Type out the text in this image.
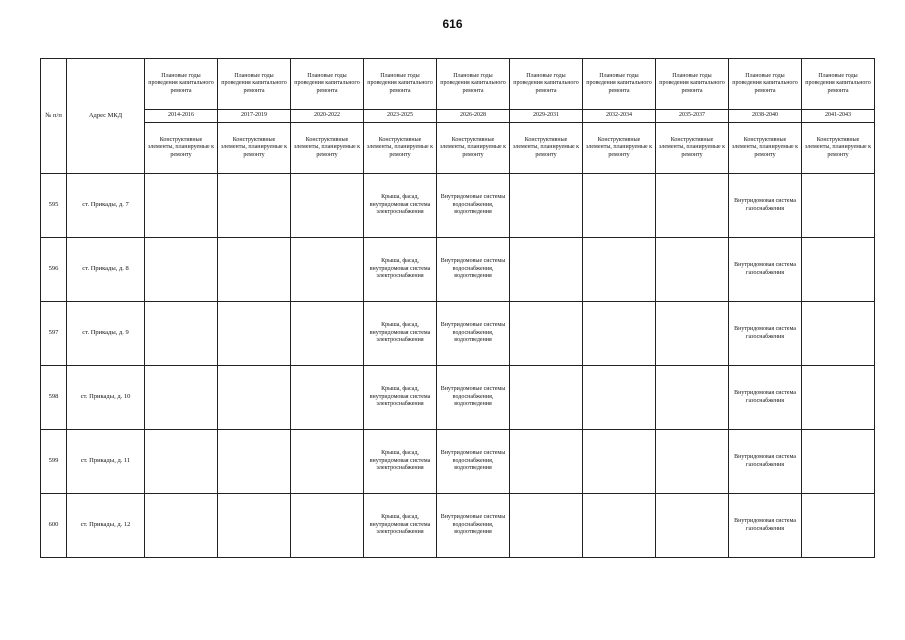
616
№ п/п	Адрес МКД	Плановые годы проведения капитального ремонта	Плановые годы проведения капитального ремонта	Плановые годы проведения капитального ремонта	Плановые годы проведения капитального ремонта	Плановые годы проведения капитального ремонта	Плановые годы проведения капитального ремонта	Плановые годы проведения капитального ремонта	Плановые годы проведения капитального ремонта	Плановые годы проведения капитального ремонта	Плановые годы проведения капитального ремонта
		2014-2016	2017-2019	2020-2022	2023-2025	2026-2028	2029-2031	2032-2034	2035-2037	2038-2040	2041-2043
		Конструктивные элементы, планируемые к ремонту	Конструктивные элементы, планируемые к ремонту	Конструктивные элементы, планируемые к ремонту	Конструктивные элементы, планируемые к ремонту	Конструктивные элементы, планируемые к ремонту	Конструктивные элементы, планируемые к ремонту	Конструктивные элементы, планируемые к ремонту	Конструктивные элементы, планируемые к ремонту	Конструктивные элементы, планируемые к ремонту	Конструктивные элементы, планируемые к ремонту
595	ст. Прикады, д. 7				Крыша, фасад, внутридомовая система электроснабжения	Внутридомовые системы водоснабжения, водоотведения				Внутридомовая система газоснабжения	
596	ст. Прикады, д. 8				Крыша, фасад, внутридомовая система электроснабжения	Внутридомовые системы водоснабжения, водоотведения				Внутридомовая система газоснабжения	
597	ст. Прикады, д. 9				Крыша, фасад, внутридомовая система электроснабжения	Внутридомовые системы водоснабжения, водоотведения				Внутридомовая система газоснабжения	
598	ст. Прикады, д. 10				Крыша, фасад, внутридомовая система электроснабжения	Внутридомовые системы водоснабжения, водоотведения				Внутридомовая система газоснабжения	
599	ст. Прикады, д. 11				Крыша, фасад, внутридомовая система электроснабжения	Внутридомовые системы водоснабжения, водоотведения				Внутридомовая система газоснабжения	
600	ст. Прикады, д. 12				Крыша, фасад, внутридомовая система электроснабжения	Внутридомовые системы водоснабжения, водоотведения				Внутридомовая система газоснабжения	
